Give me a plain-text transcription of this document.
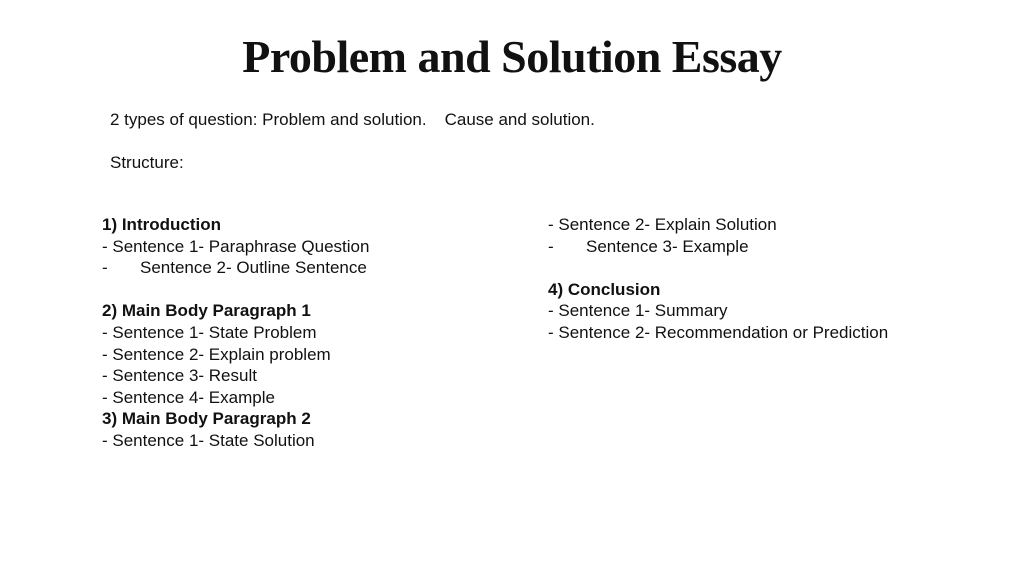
Problem and Solution Essay
2 types of question: Problem and solution. Cause and solution.
Structure:
1) Introduction
- Sentence 1- Paraphrase Question
- Sentence 2- Outline Sentence
2) Main Body Paragraph 1
- Sentence 1- State Problem
- Sentence 2- Explain problem
- Sentence 3- Result
- Sentence 4- Example
3) Main Body Paragraph 2
- Sentence 1- State Solution
- Sentence 2- Explain Solution
- Sentence 3- Example
4) Conclusion
- Sentence 1- Summary
- Sentence 2- Recommendation or Prediction
